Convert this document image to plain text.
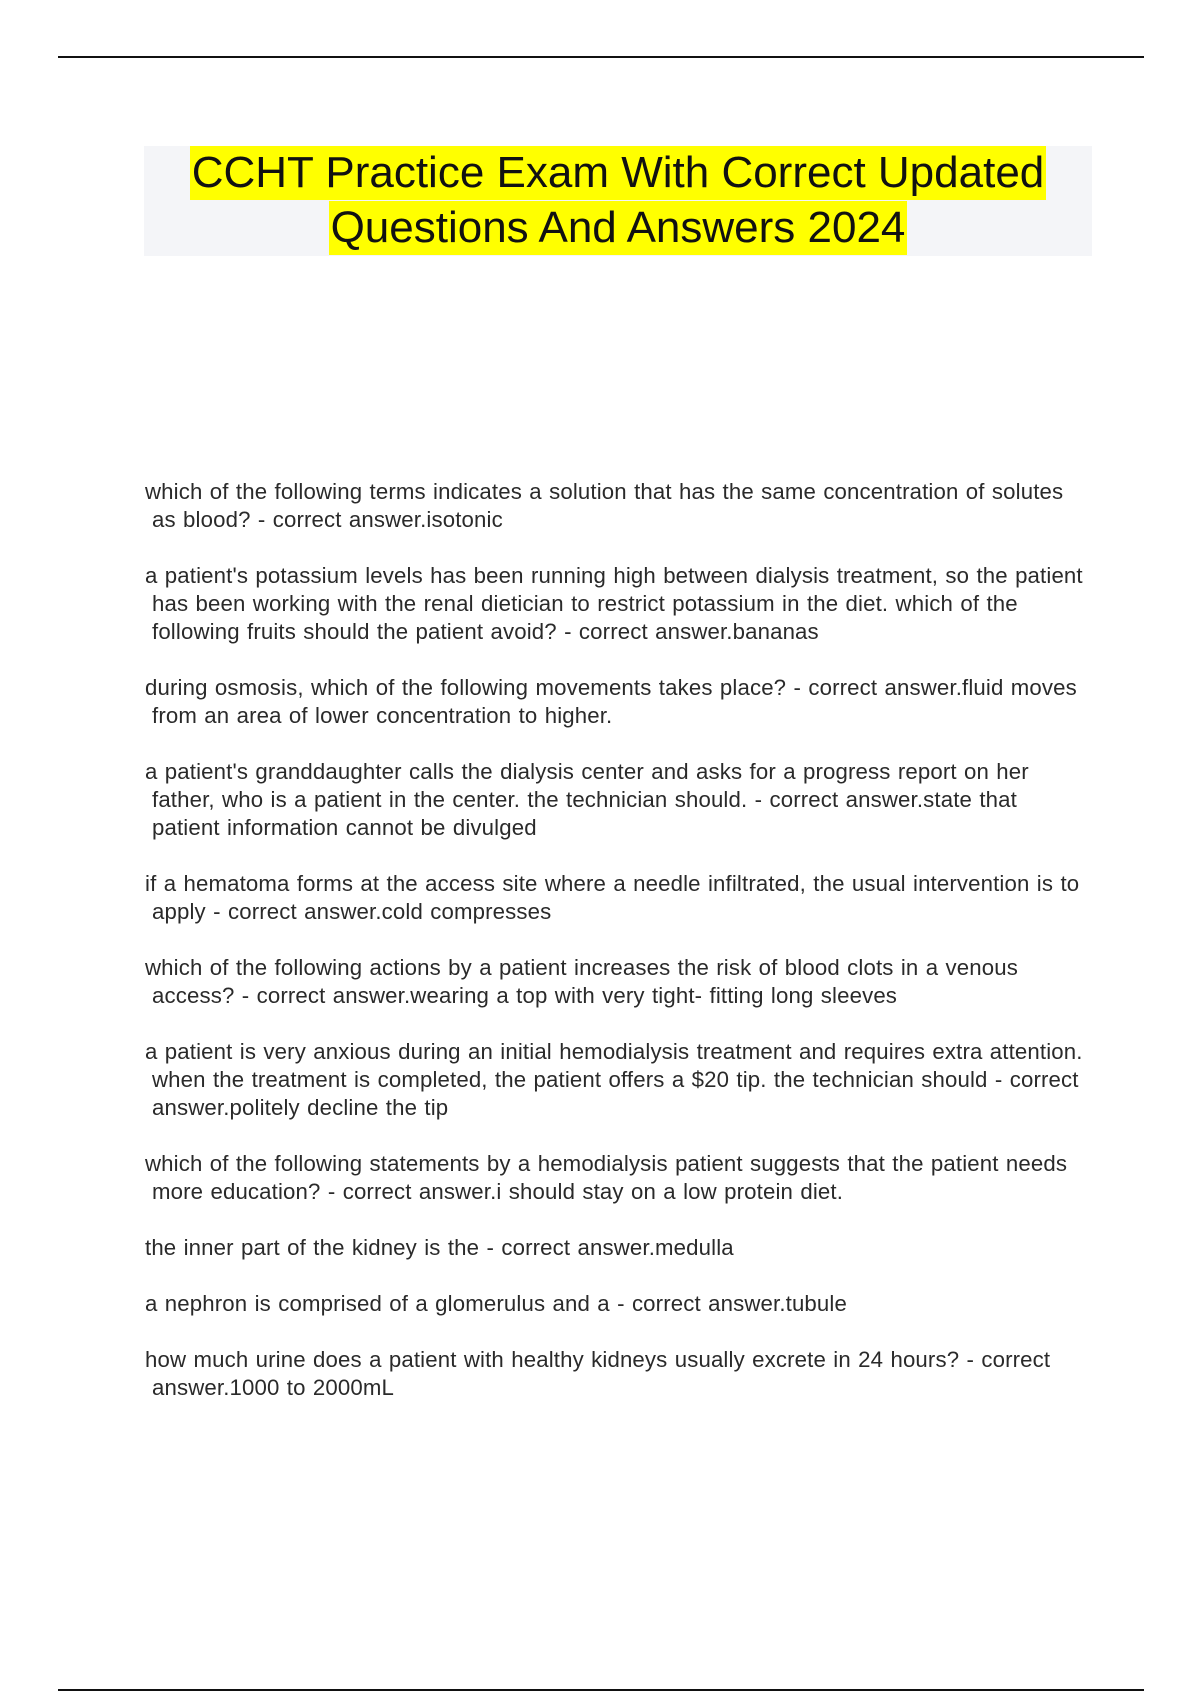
CCHT Practice Exam With Correct Updated
Questions And Answers 2024

which of the following terms indicates a solution that has the same concentration of solutes as blood? - correct answer.isotonic

a patient's potassium levels has been running high between dialysis treatment, so the patient has been working with the renal dietician to restrict potassium in the diet. which of the following fruits should the patient avoid? - correct answer.bananas

during osmosis, which of the following movements takes place? - correct answer.fluid moves from an area of lower concentration to higher.

a patient's granddaughter calls the dialysis center and asks for a progress report on her father, who is a patient in the center. the technician should. - correct answer.state that patient information cannot be divulged

if a hematoma forms at the access site where a needle infiltrated, the usual intervention is to apply - correct answer.cold compresses

which of the following actions by a patient increases the risk of blood clots in a venous access? - correct answer.wearing a top with very tight- fitting long sleeves

a patient is very anxious during an initial hemodialysis treatment and requires extra attention. when the treatment is completed, the patient offers a $20 tip. the technician should - correct answer.politely decline the tip

which of the following statements by a hemodialysis patient suggests that the patient needs more education? - correct answer.i should stay on a low protein diet.

the inner part of the kidney is the - correct answer.medulla

a nephron is comprised of a glomerulus and a - correct answer.tubule

how much urine does a patient with healthy kidneys usually excrete in 24 hours? - correct answer.1000 to 2000mL
